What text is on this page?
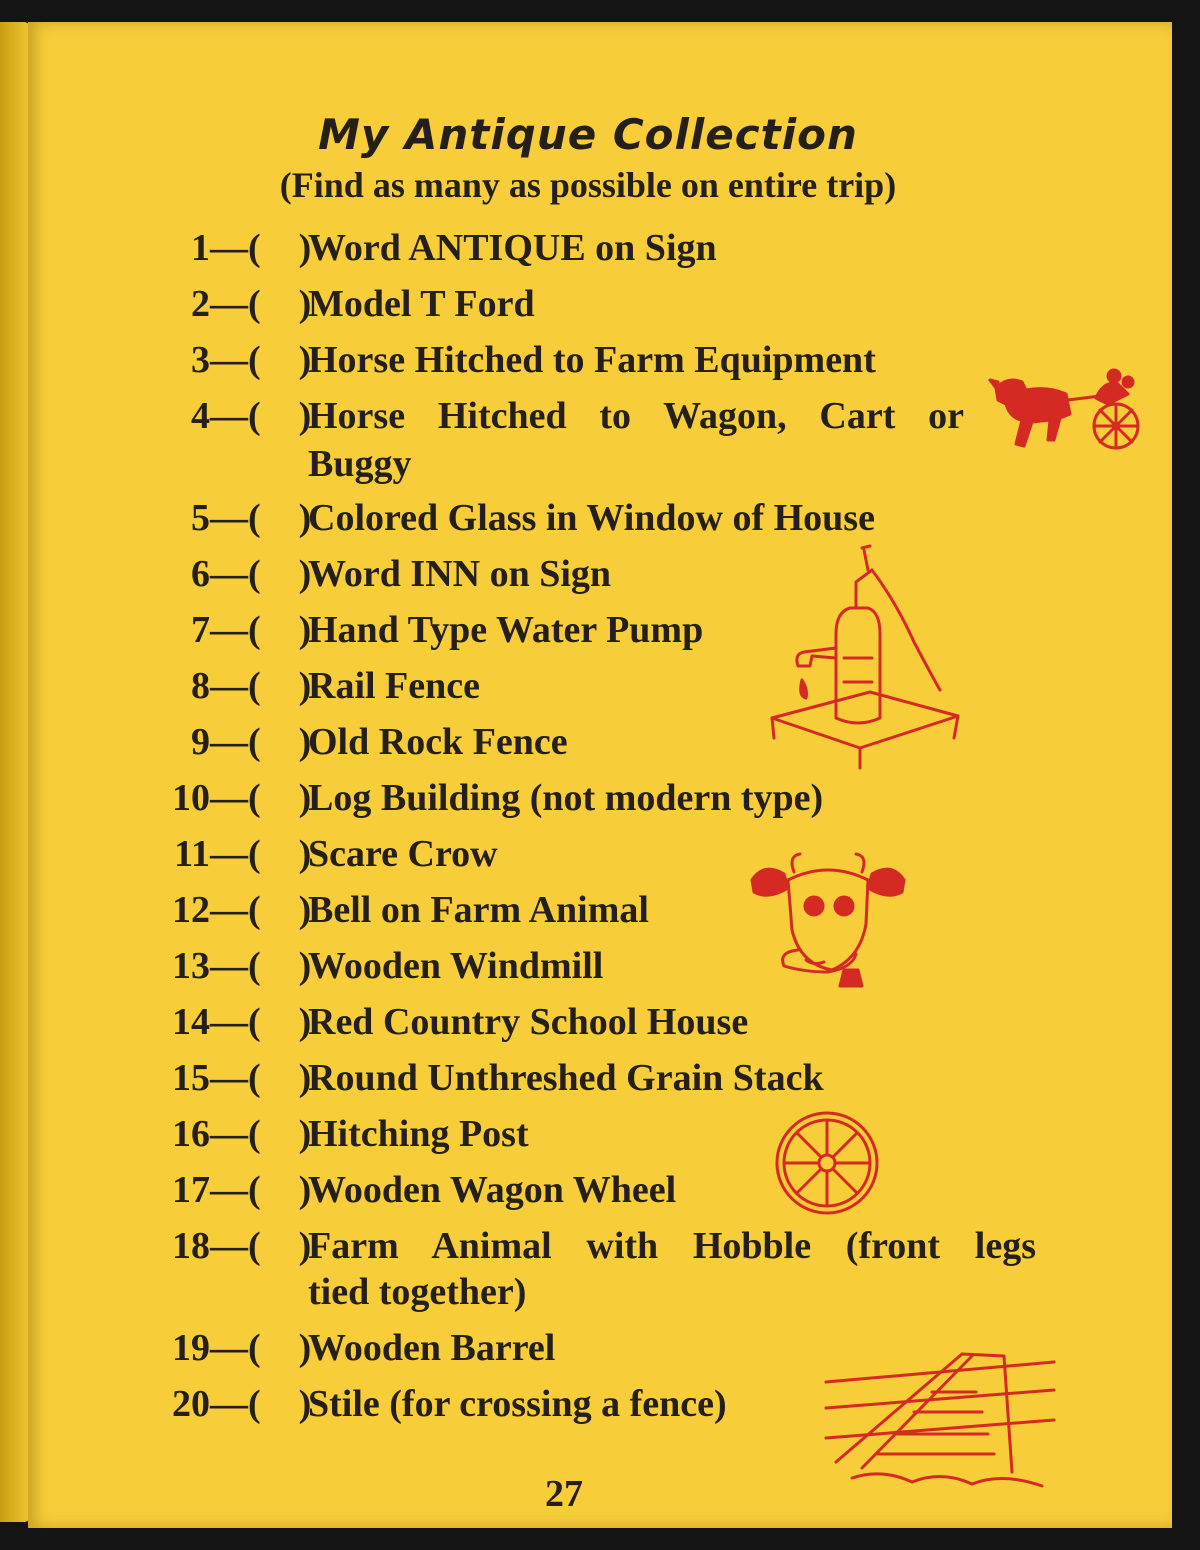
My Antique Collection
(Find as many as possible on entire trip)
1 —(    )
Word ANTIQUE on Sign
2 —(    )
Model T Ford
3 —(    )
Horse Hitched to Farm Equipment
4 —(    )
Horse Hitched to Wagon, Cart or
Buggy
5 —(    )
Colored Glass in Window of House
6 —(    )
Word INN on Sign
7 —(    )
Hand Type Water Pump
8 —(    )
Rail Fence
9 —(    )
Old Rock Fence
10 —(    )
Log Building (not modern type)
11 —(    )
Scare Crow
12 —(    )
Bell on Farm Animal
13 —(    )
Wooden Windmill
14 —(    )
Red Country School House
15 —(    )
Round Unthreshed Grain Stack
16 —(    )
Hitching Post
17 —(    )
Wooden Wagon Wheel
18 —(    )
Farm Animal with Hobble (front legs
tied together)
19 —(    )
Wooden Barrel
20 —(    )
Stile (for crossing a fence)
27
